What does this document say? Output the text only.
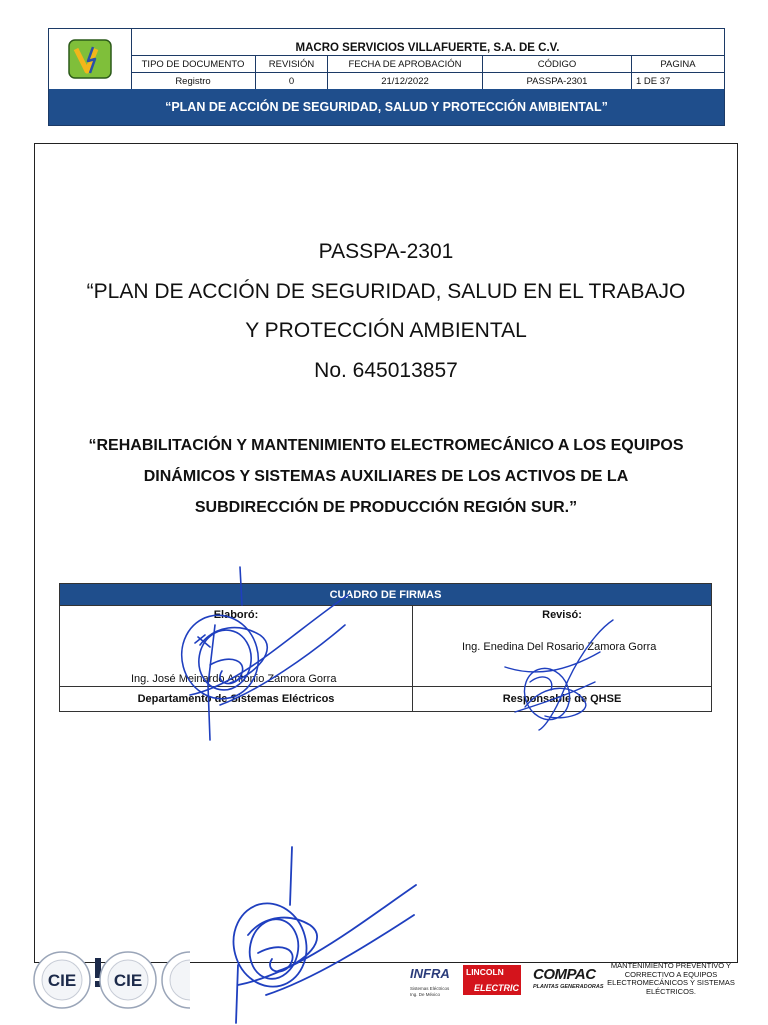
MACRO SERVICIOS VILLAFUERTE, S.A. DE C.V.
TIPO DE DOCUMENTO	REVISIÓN	FECHA DE APROBACIÓN	CÓDIGO	PAGINA
Registro	0	21/12/2022	PASSPA-2301	1 DE 37
“PLAN DE ACCIÓN DE SEGURIDAD, SALUD Y PROTECCIÓN AMBIENTAL”
PASSPA-2301
“PLAN DE ACCIÓN DE SEGURIDAD, SALUD EN EL TRABAJO
Y PROTECCIÓN AMBIENTAL
No. 645013857
“REHABILITACIÓN Y MANTENIMIENTO ELECTROMECÁNICO A LOS EQUIPOS
DINÁMICOS Y SISTEMAS AUXILIARES DE LOS ACTIVOS DE LA
SUBDIRECCIÓN DE PRODUCCIÓN REGIÓN SUR.”
CUADRO DE FIRMAS
Elaboró:
Ing. José Meinardo Antonio Zamora Gorra
Revisó:
Ing. Enedina Del Rosario Zamora Gorra
Departamento de Sistemas Eléctricos	Responsable de QHSE
CIE CIE	INFRA
Sistemas Eléctricos
Ing. De México
LINCOLN
ELECTRIC
COMPAC
PLANTAS GENERADORAS
MANTENIMIENTO PREVENTIVO Y CORRECTIVO A EQUIPOS ELECTROMECÁNICOS Y SISTEMAS ELÉCTRICOS.
